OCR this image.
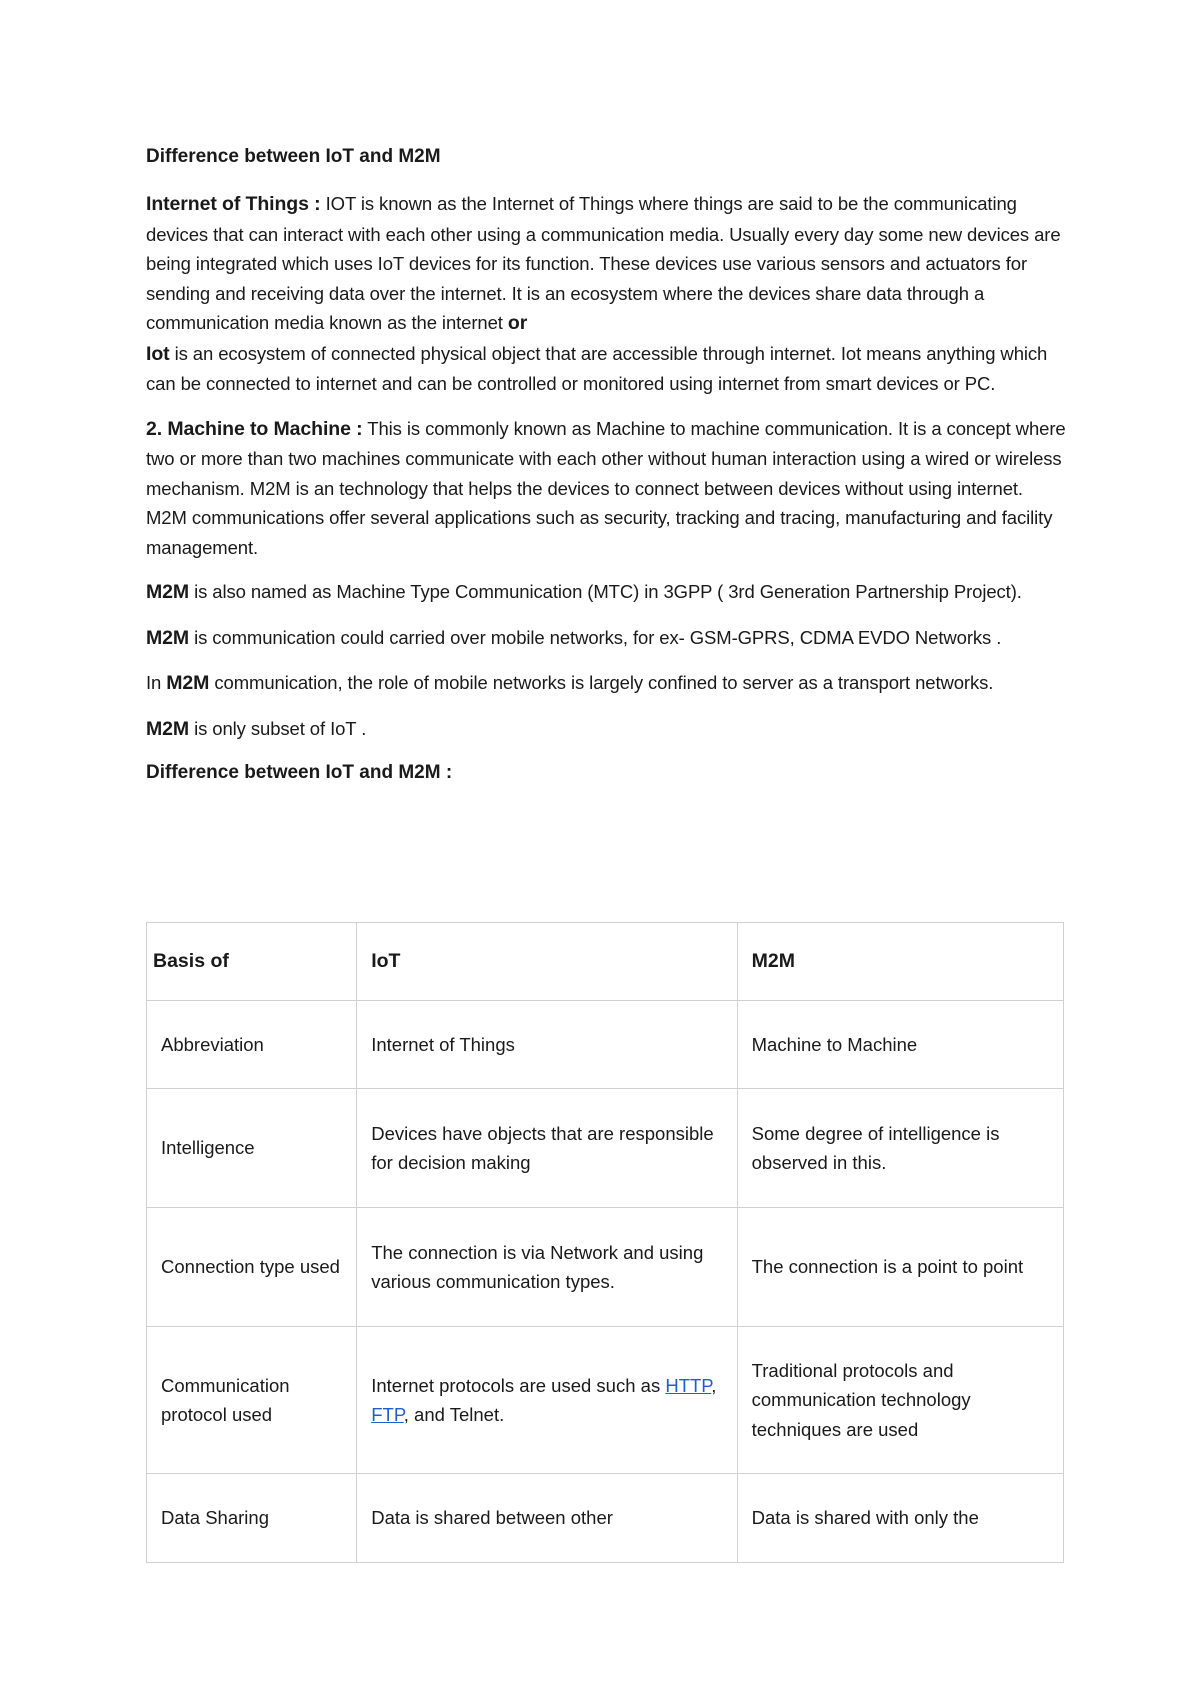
Difference between IoT and M2M

Internet of Things : IOT is known as the Internet of Things where things are said to be the communicating devices that can interact with each other using a communication media. Usually every day some new devices are being integrated which uses IoT devices for its function. These devices use various sensors and actuators for sending and receiving data over the internet. It is an ecosystem where the devices share data through a communication media known as the internet or
Iot is an ecosystem of connected physical object that are accessible through internet. Iot means anything which can be connected to internet and can be controlled or monitored using internet from smart devices or PC.

2. Machine to Machine : This is commonly known as Machine to machine communication. It is a concept where two or more than two machines communicate with each other without human interaction using a wired or wireless mechanism. M2M is an technology that helps the devices to connect between devices without using internet. M2M communications offer several applications such as security, tracking and tracing, manufacturing and facility management.

M2M is also named as Machine Type Communication (MTC) in 3GPP ( 3rd Generation Partnership Project).

M2M is communication could carried over mobile networks, for ex- GSM-GPRS, CDMA EVDO Networks .

In M2M communication, the role of mobile networks is largely confined to server as a transport networks.

M2M is only subset of IoT .

Difference between IoT and M2M :
Basis of	IoT	M2M
Abbreviation	Internet of Things	Machine to Machine
Intelligence	Devices have objects that are responsible for decision making	Some degree of intelligence is observed in this.
Connection type used	The connection is via Network and using various communication types.	The connection is a point to point
Communication protocol used	Internet protocols are used such as HTTP, FTP, and Telnet.	Traditional protocols and communication technology techniques are used
Data Sharing	Data is shared between other	Data is shared with only the
